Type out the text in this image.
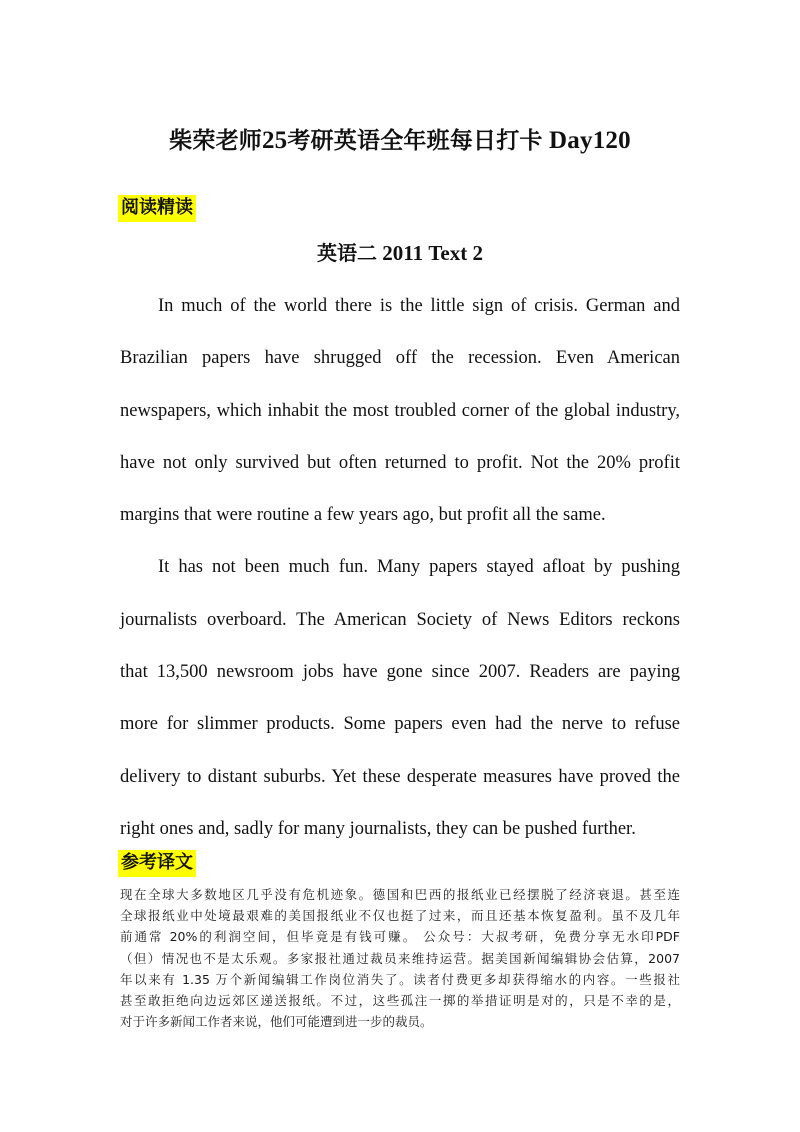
柴荣老师25考研英语全年班每日打卡 Day120
阅读精读
英语二 2011 Text 2
In much of the world there is the little sign of crisis. German and
Brazilian papers have shrugged off the recession. Even American
newspapers, which inhabit the most troubled corner of the global industry,
have not only survived but often returned to profit. Not the 20% profit
margins that were routine a few years ago, but profit all the same.
It has not been much fun. Many papers stayed afloat by pushing
journalists overboard. The American Society of News Editors reckons
that 13,500 newsroom jobs have gone since 2007. Readers are paying
more for slimmer products. Some papers even had the nerve to refuse
delivery to distant suburbs. Yet these desperate measures have proved the
right ones and, sadly for many journalists, they can be pushed further.
参考译文
现在全球大多数地区几乎没有危机迹象。德国和巴西的报纸业已经摆脱了经济衰退。甚至连
全球报纸业中处境最艰难的美国报纸业不仅也挺了过来，而且还基本恢复盈利。虽不及几年
前通常 20%的利润空间，但毕竟是有钱可赚。 公众号：大叔考研，免费分享无水印PDF
（但）情况也不是太乐观。多家报社通过裁员来维持运营。据美国新闻编辑协会估算，2007
年以来有 1.35 万个新闻编辑工作岗位消失了。读者付费更多却获得缩水的内容。一些报社
甚至敢拒绝向边远郊区递送报纸。不过，这些孤注一掷的举措证明是对的，只是不幸的是，
对于许多新闻工作者来说，他们可能遭到进一步的裁员。
